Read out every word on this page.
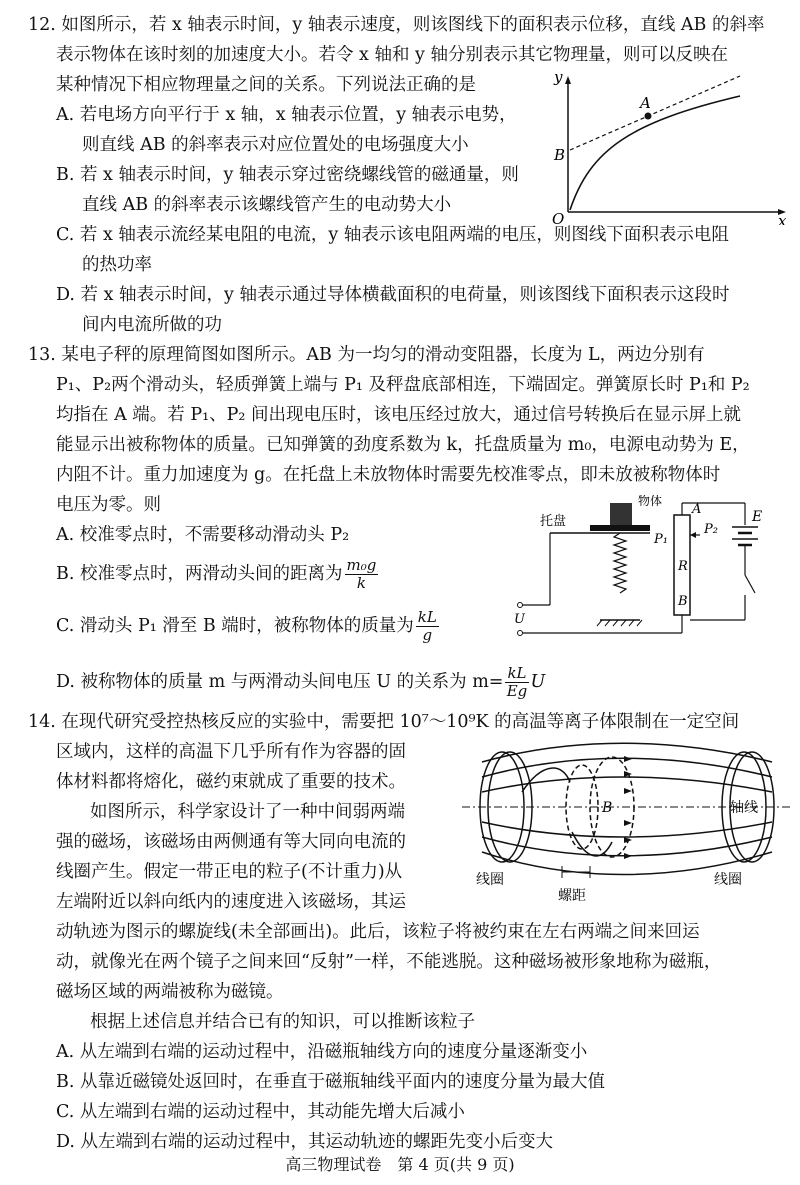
12. 如图所示，若 x 轴表示时间，y 轴表示速度，则该图线下的面积表示位移，直线 AB 的斜率
表示物体在该时刻的加速度大小。若令 x 轴和 y 轴分别表示其它物理量，则可以反映在
某种情况下相应物理量之间的关系。下列说法正确的是
A. 若电场方向平行于 x 轴，x 轴表示位置，y 轴表示电势，
则直线 AB 的斜率表示对应位置处的电场强度大小
B. 若 x 轴表示时间，y 轴表示穿过密绕螺线管的磁通量，则
直线 AB 的斜率表示该螺线管产生的电动势大小
C. 若 x 轴表示流经某电阻的电流，y 轴表示该电阻两端的电压，则图线下面积表示电阻
的热功率
D. 若 x 轴表示时间，y 轴表示通过导体横截面积的电荷量，则该图线下面积表示这段时
间内电流所做的功
y
x
O
A
B
13. 某电子秤的原理简图如图所示。AB 为一均匀的滑动变阻器，长度为 L，两边分别有
P₁、P₂两个滑动头，轻质弹簧上端与 P₁ 及秤盘底部相连，下端固定。弹簧原长时 P₁和 P₂
均指在 A 端。若 P₁、P₂ 间出现电压时，该电压经过放大，通过信号转换后在显示屏上就
能显示出被称物体的质量。已知弹簧的劲度系数为 k，托盘质量为 m₀，电源电动势为 E，
内阻不计。重力加速度为 g。在托盘上未放物体时需要先校准零点，即未放被称物体时
电压为零。则
A. 校准零点时，不需要移动滑动头 P₂
B. 校准零点时，两滑动头间的距离为 $\frac{\text{m₀g}}{k}$
C. 滑动头 P₁ 滑至 B 端时，被称物体的质量为 $\frac{kL}{g}$
D. 被称物体的质量 m 与两滑动头间电压 U 的关系为 $m= \frac{kL}{Eg}$ U
托盘
物体
A
R
B
E
P₁
P₂
U
14. 在现代研究受控热核反应的实验中，需要把 10⁷～10⁹K 的高温等离子体限制在一定空间
区域内，这样的高温下几乎所有作为容器的固
体材料都将熔化，磁约束就成了重要的技术。
如图所示，科学家设计了一种中间弱两端
强的磁场，该磁场由两侧通有等大同向电流的
线圈产生。假定一带正电的粒子(不计重力)从
左端附近以斜向纸内的速度进入该磁场，其运
动轨迹为图示的螺旋线(未全部画出)。此后，该粒子将被约束在左右两端之间来回运
动，就像光在两个镜子之间来回“反射”一样，不能逃脱。这种磁场被形象地称为磁瓶，
磁场区域的两端被称为磁镜。
根据上述信息并结合已有的知识，可以推断该粒子
A. 从左端到右端的运动过程中，沿磁瓶轴线方向的速度分量逐渐变小
B. 从靠近磁镜处返回时，在垂直于磁瓶轴线平面内的速度分量为最大值
C. 从左端到右端的运动过程中，其动能先增大后减小
D. 从左端到右端的运动过程中，其运动轨迹的螺距先变小后变大
B	轴线
线圈	线圈
螺距
高三物理试卷　第 4 页(共 9 页)
